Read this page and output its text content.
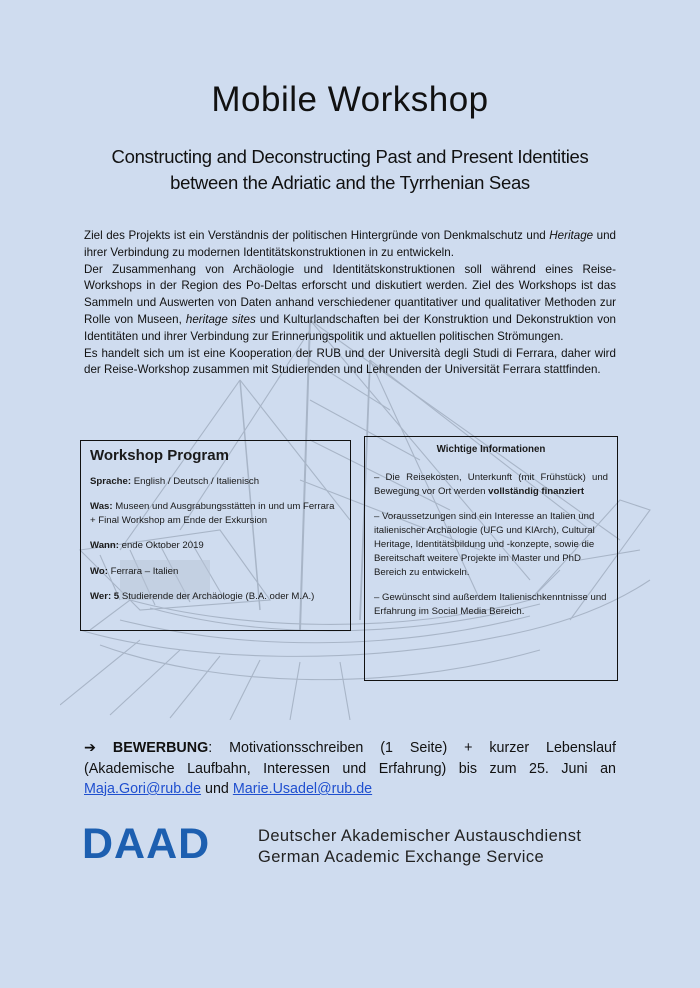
Mobile Workshop
Constructing and Deconstructing Past and Present Identities
between the Adriatic and the Tyrrhenian Seas

Ziel des Projekts ist ein Verständnis der politischen Hintergründe von Denkmalschutz und Heritage und ihrer Verbindung zu modernen Identitätskonstruktionen in zu entwickeln.

Der Zusammenhang von Archäologie und Identitätskonstruktionen soll während eines Reise-Workshops in der Region des Po-Deltas erforscht und diskutiert werden. Ziel des Workshops ist das Sammeln und Auswerten von Daten anhand verschiedener quantitativer und qualitativer Methoden zur Rolle von Museen, heritage sites und Kulturlandschaften bei der Konstruktion und Dekonstruktion von Identitäten und ihrer Verbindung zur Erinnerungspolitik und aktuellen politischen Strömungen.

Es handelt sich um ist eine Kooperation der RUB und der Università degli Studi di Ferrara, daher wird der Reise-Workshop zusammen mit Studierenden und Lehrenden der Universität Ferrara stattfinden.

Workshop Program
Sprache: English / Deutsch / Italienisch
Was: Museen und Ausgrabungsstätten in und um Ferrara + Final Workshop am Ende der Exkursion
Wann: ende Oktober 2019
Wo: Ferrara – Italien
Wer: 5 Studierende der Archäologie (B.A. oder M.A.)
Wichtige Informationen
– Die Reisekosten, Unterkunft (mit Frühstück) und Bewegung vor Ort werden vollständig finanziert
– Voraussetzungen sind ein Interesse an Italien und italienischer Archäologie (UFG und KlArch), Cultural Heritage, Identitätsbildung und -konzepte, sowie die Bereitschaft weitere Projekte im Master und PhD Bereich zu entwickeln.
– Gewünscht sind außerdem Italienischkenntnisse und Erfahrung im Social Media Bereich.
➔ BEWERBUNG: Motivationsschreiben (1 Seite) + kurzer Lebenslauf (Akademische Laufbahn, Interessen und Erfahrung) bis zum 25. Juni an Maja.Gori@rub.de und Marie.Usadel@rub.de
DAAD	Deutscher Akademischer Austauschdienst
German Academic Exchange Service
